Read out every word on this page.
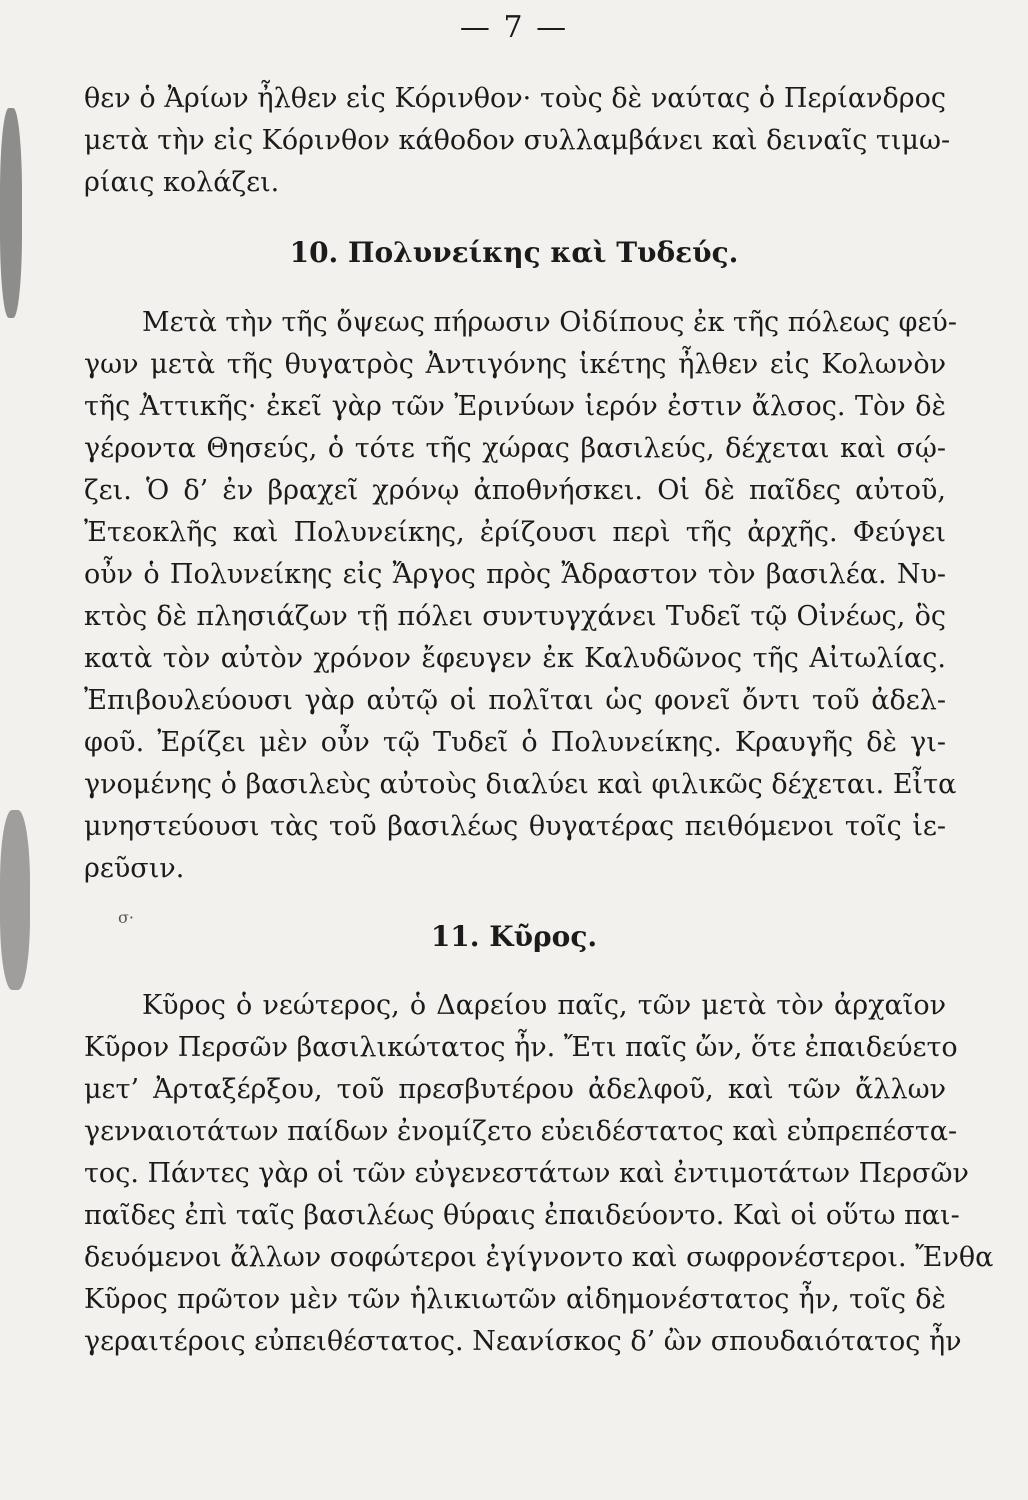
— 7 —
θεν ὁ Ἀρίων ἦλθεν εἰς Κόρινθον· τοὺς δὲ ναύτας ὁ Περίανδρος
μετὰ τὴν εἰς Κόρινθον κάθοδον συλλαμβάνει καὶ δειναῖς τιμω-
ρίαις κολάζει.
10. Πολυνείκης καὶ Τυδεύς.
Μετὰ τὴν τῆς ὄψεως πήρωσιν Οἰδίπους ἐκ τῆς πόλεως φεύ-
γων μετὰ τῆς θυγατρὸς Ἀντιγόνης ἱκέτης ἦλθεν εἰς Κολωνὸν
τῆς Ἀττικῆς· ἐκεῖ γὰρ τῶν Ἐρινύων ἱερόν ἐστιν ἄλσος. Τὸν δὲ
γέροντα Θησεύς, ὁ τότε τῆς χώρας βασιλεύς, δέχεται καὶ σῴ-
ζει. Ὁ δ’ ἐν βραχεῖ χρόνῳ ἀποθνήσκει. Οἱ δὲ παῖδες αὐτοῦ,
Ἐτεοκλῆς καὶ Πολυνείκης, ἐρίζουσι περὶ τῆς ἀρχῆς. Φεύγει
οὖν ὁ Πολυνείκης εἰς Ἄργος πρὸς Ἄδραστον τὸν βασιλέα. Νυ-
κτὸς δὲ πλησιάζων τῇ πόλει συντυγχάνει Τυδεῖ τῷ Οἰνέως, ὃς
κατὰ τὸν αὐτὸν χρόνον ἔφευγεν ἐκ Καλυδῶνος τῆς Αἰτωλίας.
Ἐπιβουλεύουσι γὰρ αὐτῷ οἱ πολῖται ὡς φονεῖ ὄντι τοῦ ἀδελ-
φοῦ. Ἐρίζει μὲν οὖν τῷ Τυδεῖ ὁ Πολυνείκης. Κραυγῆς δὲ γι-
γνομένης ὁ βασιλεὺς αὐτοὺς διαλύει καὶ φιλικῶς δέχεται. Εἶτα
μνηστεύουσι τὰς τοῦ βασιλέως θυγατέρας πειθόμενοι τοῖς ἱε-
ρεῦσιν.
σ·
11. Κῦρος.
Κῦρος ὁ νεώτερος, ὁ Δαρείου παῖς, τῶν μετὰ τὸν ἀρχαῖον
Κῦρον Περσῶν βασιλικώτατος ἦν. Ἔτι παῖς ὤν, ὅτε ἐπαιδεύετο
μετ’ Ἀρταξέρξου, τοῦ πρεσβυτέρου ἀδελφοῦ, καὶ τῶν ἄλλων
γενναιοτάτων παίδων ἐνομίζετο εὐειδέστατος καὶ εὐπρεπέστα-
τος. Πάντες γὰρ οἱ τῶν εὐγενεστάτων καὶ ἐντιμοτάτων Περσῶν
παῖδες ἐπὶ ταῖς βασιλέως θύραις ἐπαιδεύοντο. Καὶ οἱ οὕτω παι-
δευόμενοι ἄλλων σοφώτεροι ἐγίγνοντο καὶ σωφρονέστεροι. Ἔνθα
Κῦρος πρῶτον μὲν τῶν ἡλικιωτῶν αἰδημονέστατος ἦν, τοῖς δὲ
γεραιτέροις εὐπειθέστατος. Νεανίσκος δ’ ὢν σπουδαιότατος ἦν
